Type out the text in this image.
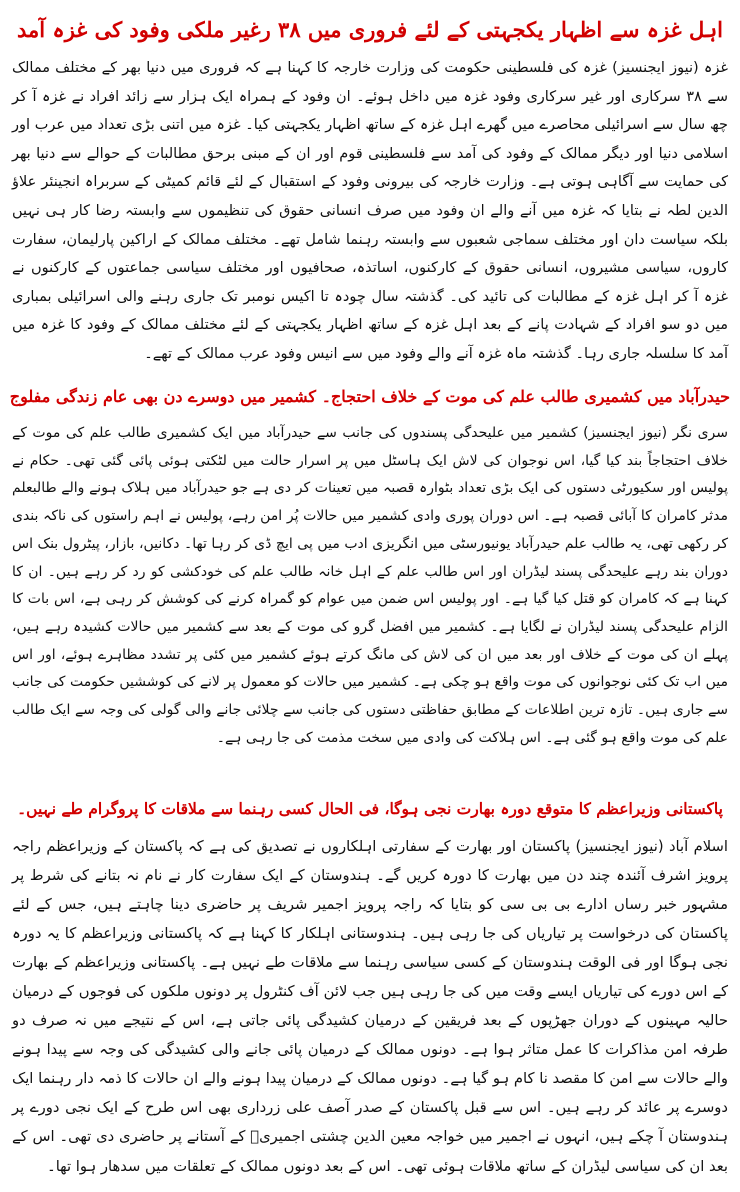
اہل غزہ سے اظہار یکجہتی کے لئے فروری میں ۳۸ رغیر ملکی وفود کی غزہ آمد

غزہ (نیوز ایجنسیز) غزہ کی فلسطینی حکومت کی وزارت خارجہ کا کہنا ہے کہ فروری میں دنیا بھر کے مختلف ممالک سے ۳۸ سرکاری اور غیر سرکاری وفود غزہ میں داخل ہوئے۔ ان وفود کے ہمراہ ایک ہزار سے زائد افراد نے غزہ آ کر چھ سال سے اسرائیلی محاصرے میں گھرے اہل غزہ کے ساتھ اظہار یکجہتی کیا۔ غزہ میں اتنی بڑی تعداد میں عرب اور اسلامی دنیا اور دیگر ممالک کے وفود کی آمد سے فلسطینی قوم اور ان کے مبنی برحق مطالبات کے حوالے سے دنیا بھر کی حمایت سے آگاہی ہوتی ہے۔ وزارت خارجہ کی بیرونی وفود کے استقبال کے لئے قائم کمیٹی کے سربراہ انجینئر علاؤ الدین لطہ نے بتایا کہ غزہ میں آنے والے ان وفود میں صرف انسانی حقوق کی تنظیموں سے وابستہ رضا کار ہی نہیں بلکہ سیاست دان اور مختلف سماجی شعبوں سے وابستہ رہنما شامل تھے۔ مختلف ممالک کے اراکین پارلیمان، سفارت کاروں، سیاسی مشیروں، انسانی حقوق کے کارکنوں، اساتذہ، صحافیوں اور مختلف سیاسی جماعتوں کے کارکنوں نے غزہ آ کر اہل غزہ کے مطالبات کی تائید کی۔ گذشتہ سال چودہ تا اکیس نومبر تک جاری رہنے والی اسرائیلی بمباری میں دو سو افراد کے شہادت پانے کے بعد اہل غزہ کے ساتھ اظہار یکجہتی کے لئے مختلف ممالک کے وفود کا غزہ میں آمد کا سلسلہ جاری رہا۔ گذشتہ ماہ غزہ آنے والے وفود میں سے انیس وفود عرب ممالک کے تھے۔

حیدرآباد میں کشمیری طالب علم کی موت کے خلاف احتجاج۔ کشمیر میں دوسرے دن بھی عام زندگی مفلوج

سری نگر (نیوز ایجنسیز) کشمیر میں علیحدگی پسندوں کی جانب سے حیدرآباد میں ایک کشمیری طالب علم کی موت کے خلاف احتجاجاً بند کیا گیا، اس نوجوان کی لاش ایک ہاسٹل میں پر اسرار حالت میں لٹکتی ہوئی پائی گئی تھی۔ حکام نے پولیس اور سکیورٹی دستوں کی ایک بڑی تعداد بٹوارہ قصبہ میں تعینات کر دی ہے جو حیدرآباد میں ہلاک ہونے والے طالبعلم مدثر کامران کا آبائی قصبہ ہے۔ اس دوران پوری وادی کشمیر میں حالات پُر امن رہے، پولیس نے اہم راستوں کی ناکہ بندی کر رکھی تھی، یہ طالب علم حیدرآباد یونیورسٹی میں انگریزی ادب میں پی ایچ ڈی کر رہا تھا۔ دکانیں، بازار، پیٹرول بنک اس دوران بند رہے علیحدگی پسند لیڈران اور اس طالب علم کے اہل خانہ طالب علم کی خودکشی کو رد کر رہے ہیں۔ ان کا کہنا ہے کہ کامران کو قتل کیا گیا ہے۔ اور پولیس اس ضمن میں عوام کو گمراہ کرنے کی کوشش کر رہی ہے، اس بات کا الزام علیحدگی پسند لیڈران نے لگایا ہے۔ کشمیر میں افضل گرو کی موت کے بعد سے کشمیر میں حالات کشیدہ رہے ہیں، پہلے ان کی موت کے خلاف اور بعد میں ان کی لاش کی مانگ کرتے ہوئے کشمیر میں کئی پر تشدد مظاہرے ہوئے، اور اس میں اب تک کئی نوجوانوں کی موت واقع ہو چکی ہے۔ کشمیر میں حالات کو معمول پر لانے کی کوششیں حکومت کی جانب سے جاری ہیں۔ تازہ ترین اطلاعات کے مطابق حفاظتی دستوں کی جانب سے چلائی جانے والی گولی کی وجہ سے ایک طالب علم کی موت واقع ہو گئی ہے۔ اس ہلاکت کی وادی میں سخت مذمت کی جا رہی ہے۔

پاکستانی وزیراعظم کا متوقع دورہ بھارت نجی ہوگا، فی الحال کسی رہنما سے ملاقات کا پروگرام طے نہیں۔

اسلام آباد (نیوز ایجنسیز) پاکستان اور بھارت کے سفارتی اہلکاروں نے تصدیق کی ہے کہ پاکستان کے وزیراعظم راجہ پرویز اشرف آئندہ چند دن میں بھارت کا دورہ کریں گے۔ ہندوستان کے ایک سفارت کار نے نام نہ بتانے کی شرط پر مشہور خبر رساں ادارے بی بی سی کو بتایا کہ راجہ پرویز اجمیر شریف پر حاضری دینا چاہتے ہیں، جس کے لئے پاکستان کی درخواست پر تیاریاں کی جا رہی ہیں۔ ہندوستانی اہلکار کا کہنا ہے کہ پاکستانی وزیراعظم کا یہ دورہ نجی ہوگا اور فی الوقت ہندوستان کے کسی سیاسی رہنما سے ملاقات طے نہیں ہے۔ پاکستانی وزیراعظم کے بھارت کے اس دورے کی تیاریاں ایسے وقت میں کی جا رہی ہیں جب لائن آف کنٹرول پر دونوں ملکوں کی فوجوں کے درمیان حالیہ مہینوں کے دوران جھڑپوں کے بعد فریقین کے درمیان کشیدگی پائی جاتی ہے، اس کے نتیجے میں نہ صرف دو طرفہ امن مذاکرات کا عمل متاثر ہوا ہے۔ دونوں ممالک کے درمیان پائی جانے والی کشیدگی کی وجہ سے پیدا ہونے والے حالات سے امن کا مقصد نا کام ہو گیا ہے۔ دونوں ممالک کے درمیان پیدا ہونے والے ان حالات کا ذمہ دار رہنما ایک دوسرے پر عائد کر رہے ہیں۔ اس سے قبل پاکستان کے صدر آصف علی زرداری بھی اس طرح کے ایک نجی دورے پر ہندوستان آ چکے ہیں، انہوں نے اجمیر میں خواجہ معین الدین چشتی اجمیریؒ کے آستانے پر حاضری دی تھی۔ اس کے بعد ان کی سیاسی لیڈران کے ساتھ ملاقات ہوئی تھی۔ اس کے بعد دونوں ممالک کے تعلقات میں سدھار ہوا تھا۔
